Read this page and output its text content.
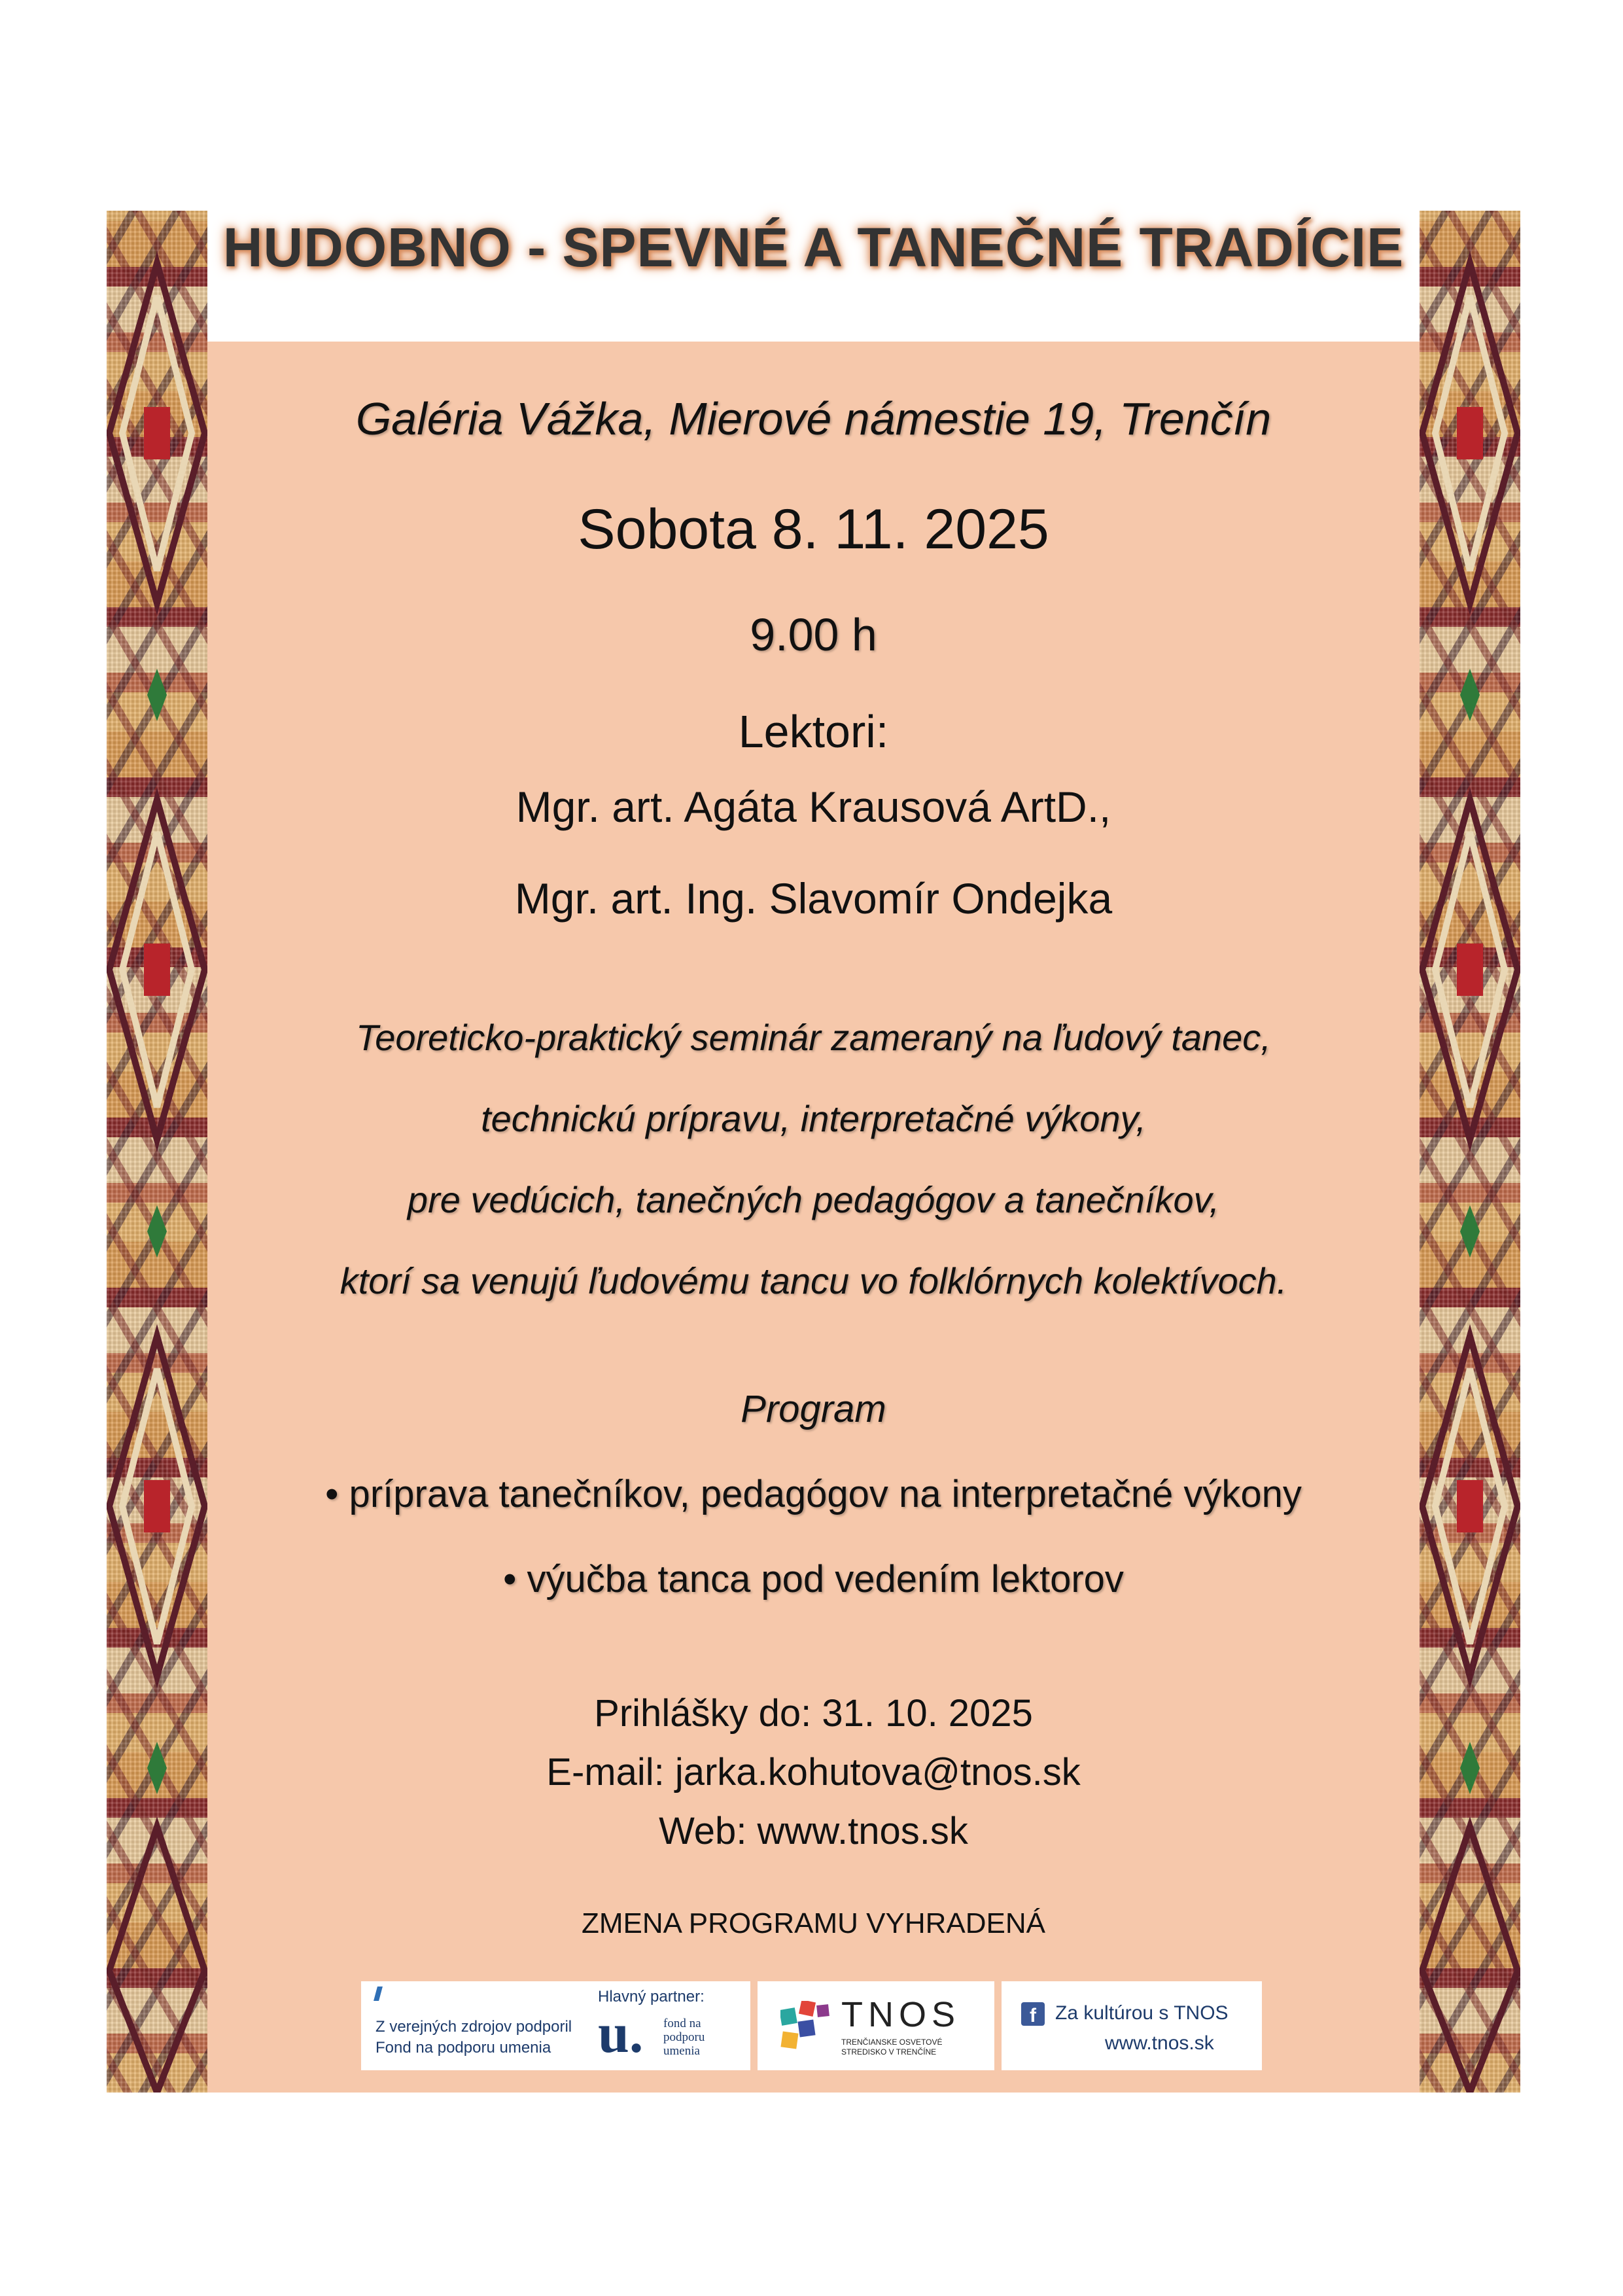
HUDOBNO - SPEVNÉ A TANEČNÉ TRADÍCIE
Galéria Vážka, Mierové námestie 19, Trenčín
Sobota 8. 11. 2025
9.00 h
Lektori:
Mgr. art. Agáta Krausová ArtD.,
Mgr. art. Ing. Slavomír Ondejka
Teoreticko-praktický seminár zameraný na ľudový tanec,
technickú prípravu, interpretačné výkony,
pre vedúcich, tanečných pedagógov a tanečníkov,
ktorí sa venujú ľudovému tancu vo folklórnych kolektívoch.
Program
• príprava tanečníkov, pedagógov na interpretačné výkony
• výučba tanca pod vedením lektorov
Prihlášky do: 31. 10. 2025
E-mail: jarka.kohutova@tnos.sk
Web: www.tnos.sk
ZMENA PROGRAMU VYHRADENÁ
Z verejných zdrojov podporil
Fond na podporu umenia
Hlavný partner:
u. fond na podporu umenia
TNOS
TRENČIANSKE OSVETOVÉ STREDISKO V TRENČÍNE
f Za kultúrou s TNOS
www.tnos.sk
